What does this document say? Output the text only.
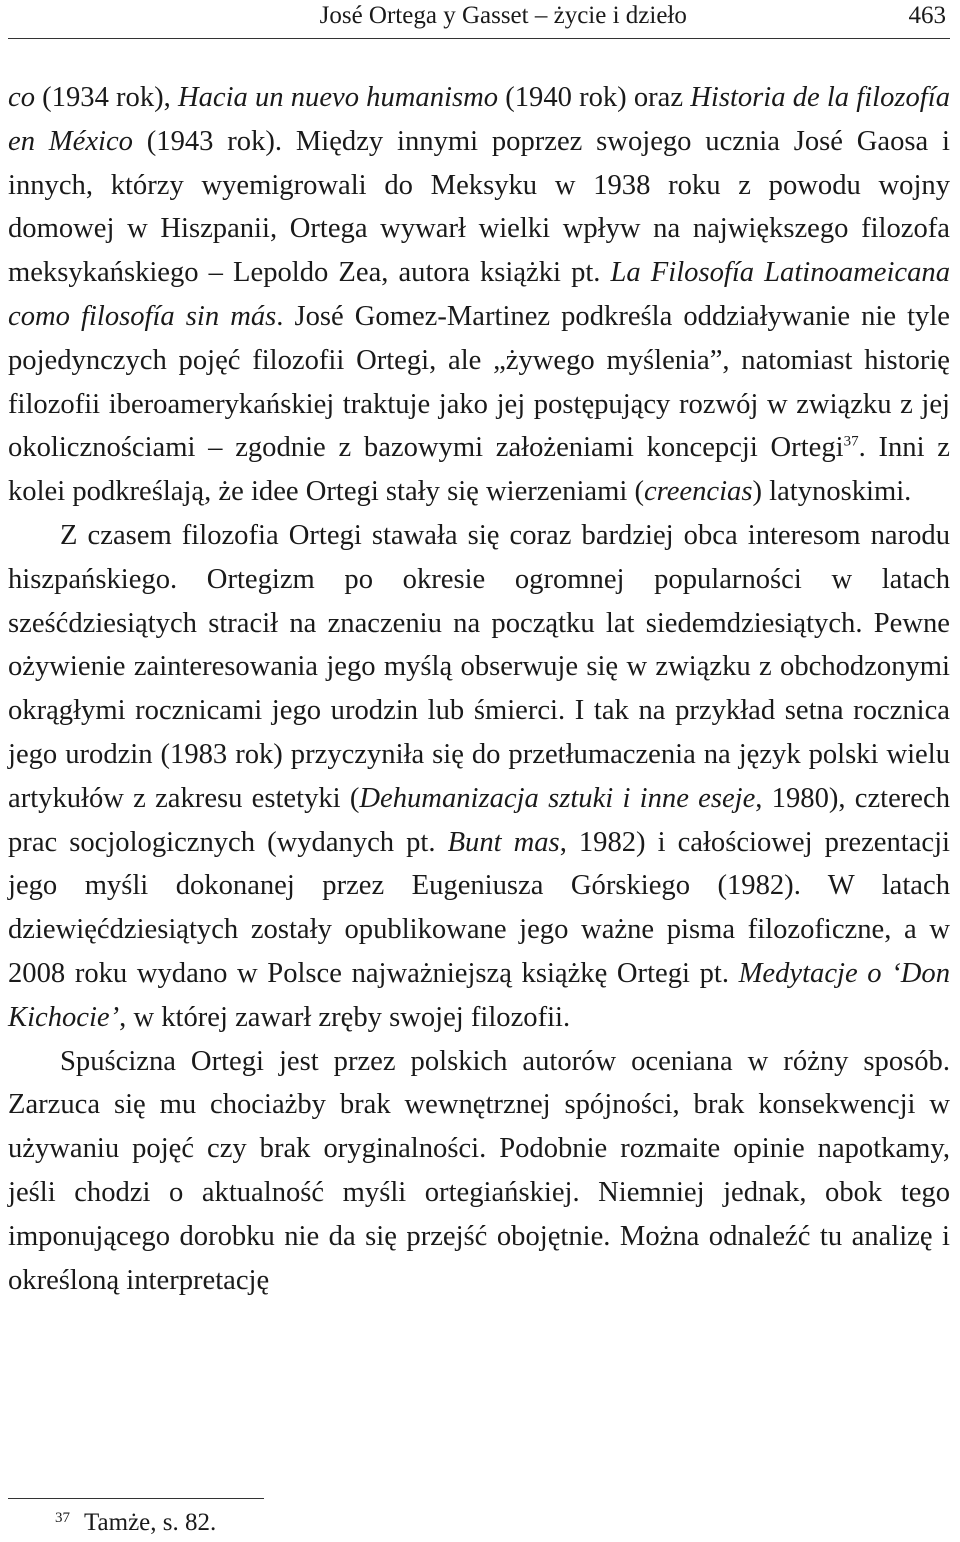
José Ortega y Gasset – życie i dzieło	463

co (1934 rok), Hacia un nuevo humanismo (1940 rok) oraz Historia de la filozofía en México (1943 rok). Między innymi poprzez swojego ucznia José Gaosa i innych, którzy wyemigrowali do Meksyku w 1938 roku z powodu wojny domowej w Hiszpanii, Ortega wywarł wielki wpływ na największego filozofa meksykańskiego – Lepoldo Zea, autora książki pt. La Filosofía Latinoameicana como filosofía sin más. José Gomez-Martinez podkreśla oddziaływanie nie tyle pojedynczych pojęć filozofii Ortegi, ale „żywego myślenia”, natomiast historię filozofii iberoamerykańskiej traktuje jako jej postępujący rozwój w związku z jej okolicznościami – zgodnie z bazowymi założeniami koncepcji Ortegi$^{37}$. Inni z kolei podkreślają, że idee Ortegi stały się wierzeniami (creencias) latynoskimi.

Z czasem filozofia Ortegi stawała się coraz bardziej obca interesom narodu hiszpańskiego. Ortegizm po okresie ogromnej popularności w latach sześćdziesiątych stracił na znaczeniu na początku lat siedemdziesiątych. Pewne ożywienie zainteresowania jego myślą obserwuje się w związku z obchodzonymi okrągłymi rocznicami jego urodzin lub śmierci. I tak na przykład setna rocznica jego urodzin (1983 rok) przyczyniła się do przetłumaczenia na język polski wielu artykułów z zakresu estetyki (Dehumanizacja sztuki i inne eseje, 1980), czterech prac socjologicznych (wydanych pt. Bunt mas, 1982) i całościowej prezentacji jego myśli dokonanej przez Eugeniusza Górskiego (1982). W latach dziewięćdziesiątych zostały opublikowane jego ważne pisma filozoficzne, a w 2008 roku wydano w Polsce najważniejszą książkę Ortegi pt. Medytacje o ‘Don Kichocie’, w której zawarł zręby swojej filozofii.

Spuścizna Ortegi jest przez polskich autorów oceniana w różny sposób. Zarzuca się mu chociażby brak wewnętrznej spójności, brak konsekwencji w używaniu pojęć czy brak oryginalności. Podobnie rozmaite opinie napotkamy, jeśli chodzi o aktualność myśli ortegiańskiej. Niemniej jednak, obok tego imponującego dorobku nie da się przejść obojętnie. Można odnaleźć tu analizę i określoną interpretację

$^{37}$ Tamże, s. 82.
